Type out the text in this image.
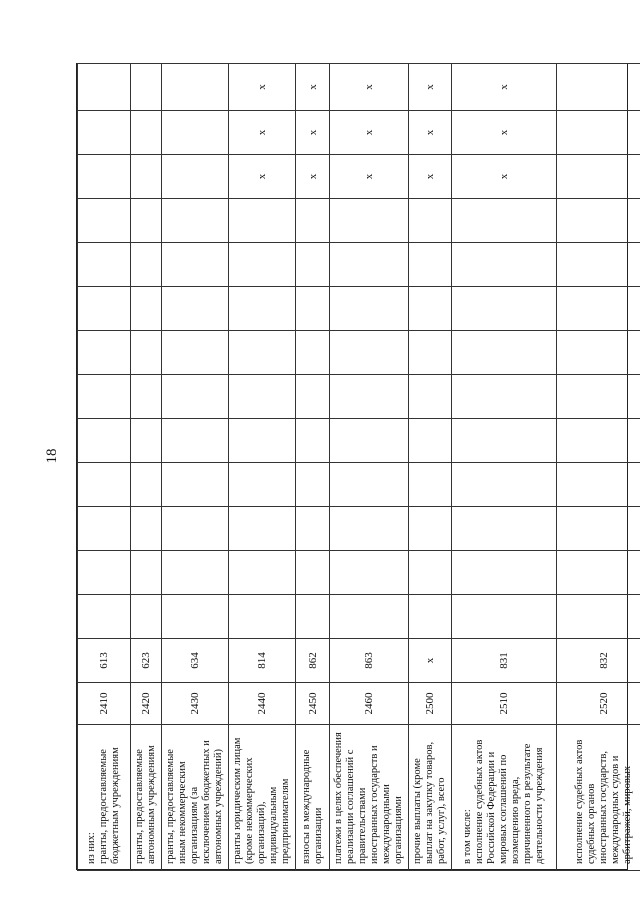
18
из них:
гранты, предоставляемые бюджетным учреждениям	2410	613													
гранты, предоставляемые автономным учреждениям	2420	623													
гранты, предоставляемые иным некоммерческим организациям (за исключением бюджетных и автономных учреждений)	2430	634													
гранты юридическим лицам (кроме некоммерческих организаций), индивидуальным предпринимателям	2440	814											x	x	x
взносы в международные организации	2450	862											x	x	x
платежи в целях обеспечения реализации соглашений с правительствами иностранных государств и международными организациями	2460	863											x	x	x
прочие выплаты (кроме выплат на закупку товаров, работ, услуг), всего	2500	x											x	x	x
в том числе:
исполнение судебных актов Российской Федерации и мировых соглашений по возмещению вреда, причиненного в результате деятельности учреждения	2510	831											x	x	x
исполнение судебных актов судебных органов иностранных государств, международных судов и арбитражей, мировых	2520	832													
